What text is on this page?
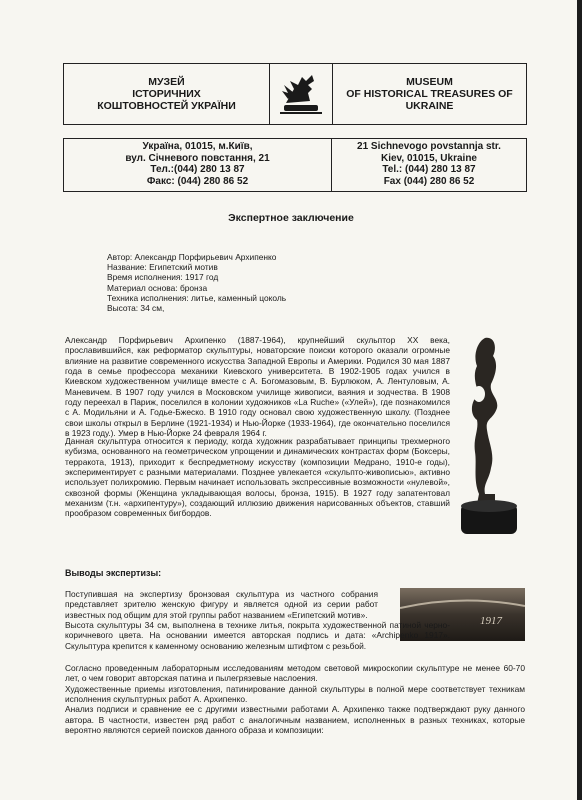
МУЗЕЙ
ІСТОРИЧНИХ
КОШТОВНОСТЕЙ УКРАЇНИ
MUSEUM
OF HISTORICAL TREASURES OF
UKRAINE
Україна, 01015, м.Київ,
вул. Січневого повстання, 21
Тел.:(044) 280 13 87
Факс: (044) 280 86 52
21 Sichnevogo povstannja str.
Kiev, 01015, Ukraine
Tel.: (044) 280 13 87
Fax (044) 280 86 52
Экспертное заключение
Автор: Александр Порфирьевич Архипенко
Название: Египетский мотив
Время исполнения: 1917 год
Материал основа: бронза
Техника исполнения: литье, каменный цоколь
Высота: 34 см,
Александр Порфирьевич Архипенко (1887-1964), крупнейший скульптор XX века, прославившийся, как реформатор скульптуры, новаторские поиски которого оказали огромные влияние на развитие современного искусства Западной Европы и Америки. Родился 30 мая 1887 года в семье профессора механики Киевского университета. В 1902-1905 годах учился в Киевском художественном училище вместе с А. Богомазовым, В. Бурлюком, А. Лентуловым, А. Маневичем. В 1907 году учился в Московском училище живописи, ваяния и зодчества. В 1908 году переехал в Париж, поселился в колонии художников «La Ruche» («Улей»), где познакомился с А. Модильяни и А. Годье-Бжеско. В 1910 году основал свою художественную школу. (Позднее свои школы открыл в Берлине (1921-1934) и Нью-Йорке (1933-1964), где окончательно поселился в 1923 году.). Умер в Нью-Йорке 24 февраля 1964 г.
Данная скульптура относится к периоду, когда художник разрабатывает принципы трехмерного кубизма, основанного на геометрическом упрощении и динамических контрастах форм (Боксеры, терракота, 1913), приходит к беспредметному искусству (композиции Медрано, 1910-е годы), экспериментирует с разными материалами. Позднее увлекается «скульпто-живописью», активно использует полихромию. Первым начинает использовать экспрессивные возможности «нулевой», сквозной формы (Женщина укладывающая волосы, бронза, 1915). В 1927 году запатентовал механизм (т.н. «архипентуру»), создающий иллюзию движения нарисованных объектов, ставший прообразом современных бигбордов.
Выводы экспертизы:
1917
Поступившая на экспертизу бронзовая скульптура из частного собрания представляет зрителю женскую фигуру и является одной из серии работ известных под общим для этой группы работ названием «Египетский мотив».
Высота скульптуры 34 см, выполнена в технике литья, покрыта художественной патиной черно-коричневого цвета. На основании имеется авторская подпись и дата: «Archipenko 1917». Скульптура крепится к каменному основанию железным штифтом с резьбой.
Согласно проведенным лабораторным исследованиям методом световой микроскопии скульптуре не менее 60-70 лет, о чем говорит авторская патина и пылегрязевые наслоения.
Художественные приемы изготовления, патинирование данной скульптуры в полной мере соответствует техникам исполнения скульптурных работ А. Архипенко.
Анализ подписи и сравнение ее с другими известными работами А. Архипенко также подтверждают руку данного автора. В частности, известен ряд работ с аналогичным названием, исполненных в разных техниках, которые вероятно являются серией поисков данного образа и композиции:
